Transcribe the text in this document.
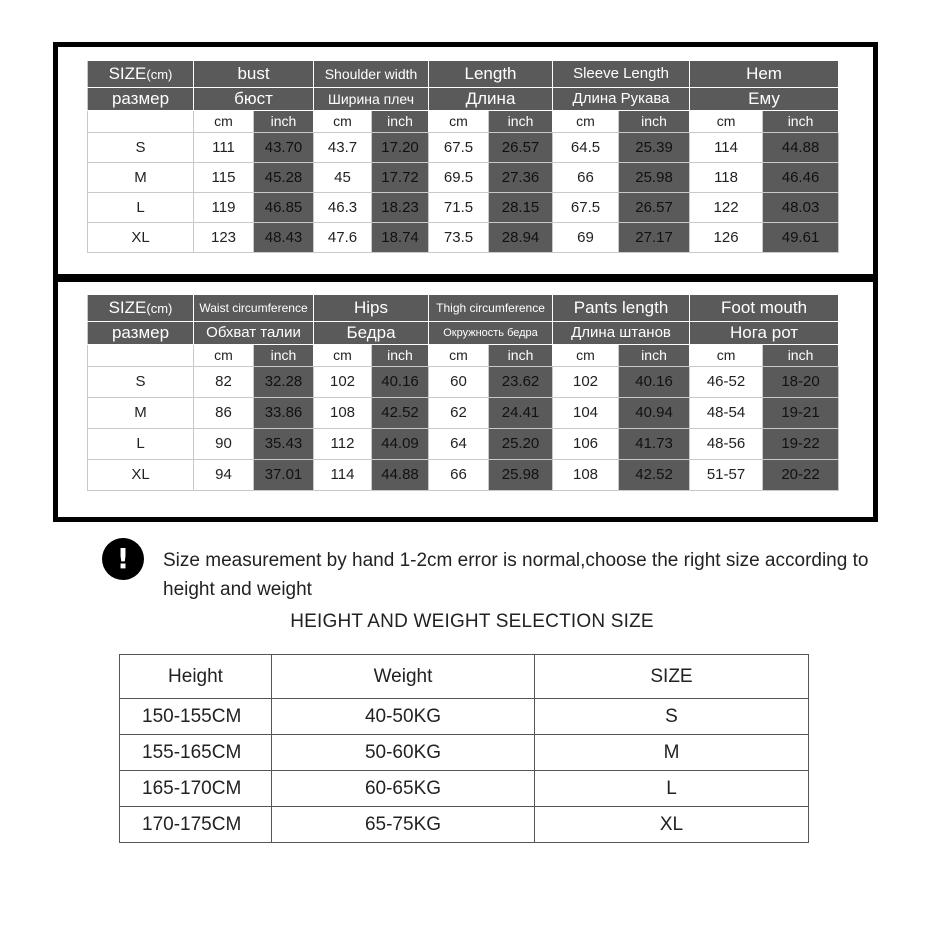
SIZE(cm)	bust		Shoulder width		Length		Sleeve Length		Hem	
размер	бюст		Ширина плеч		Длина		Длина Рукава		Ему	
	cm	inch	cm	inch	cm	inch	cm	inch	cm	inch
S	111	43.70	43.7	17.20	67.5	26.57	64.5	25.39	114	44.88
M	115	45.28	45	17.72	69.5	27.36	66	25.98	118	46.46
L	119	46.85	46.3	18.23	71.5	28.15	67.5	26.57	122	48.03
XL	123	48.43	47.6	18.74	73.5	28.94	69	27.17	126	49.61
SIZE(cm)	Waist circumference		Hips		Thigh circumference		Pants length		Foot mouth	
размер	Обхват талии		Бедра		Окружность бедра		Длина штанов		Нога рот	
	cm	inch	cm	inch	cm	inch	cm	inch	cm	inch
S	82	32.28	102	40.16	60	23.62	102	40.16	46-52	18-20
M	86	33.86	108	42.52	62	24.41	104	40.94	48-54	19-21
L	90	35.43	112	44.09	64	25.20	106	41.73	48-56	19-22
XL	94	37.01	114	44.88	66	25.98	108	42.52	51-57	20-22
!	Size measurement by hand 1-2cm error is normal,choose the right size according to height and weight
HEIGHT AND WEIGHT SELECTION SIZE
Height	Weight	SIZE
150-155CM	40-50KG	S
155-165CM	50-60KG	M
165-170CM	60-65KG	L
170-175CM	65-75KG	XL
